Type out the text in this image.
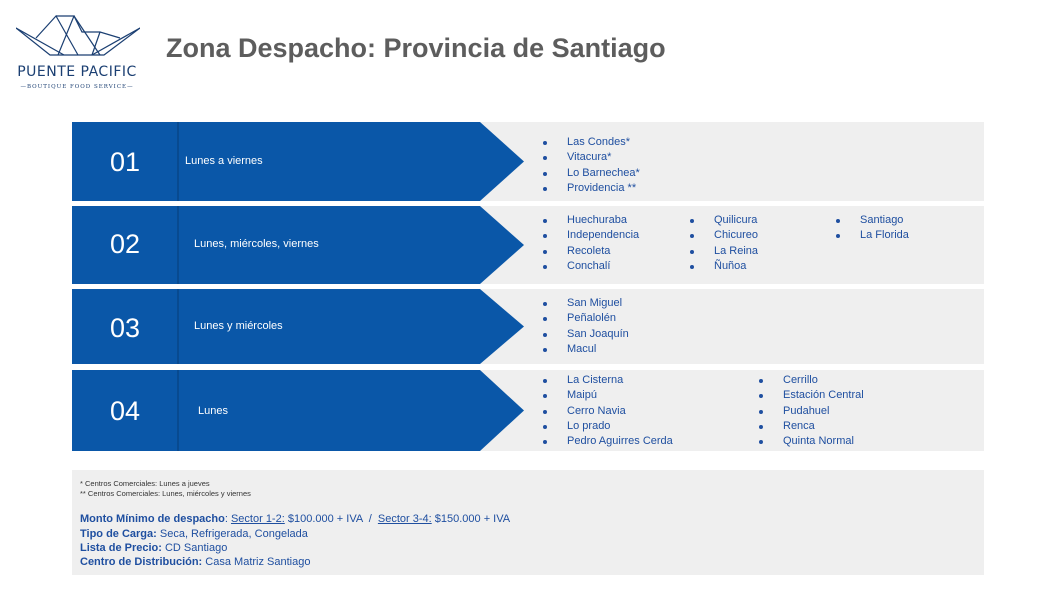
PUENTE PACIFIC
—BOUTIQUE FOOD SERVICE—
Zona Despacho: Provincia de Santiago
01	Lunes a viernes
Las Condes*
Vitacura*
Lo Barnechea*
Providencia **
02	Lunes, miércoles, viernes
Huechuraba
Independencia
Recoleta
Conchalí
Quilicura
Chicureo
La Reina
Ñuñoa
Santiago
La Florida
03	Lunes y miércoles
San Miguel
Peñalolén
San Joaquín
Macul
04	Lunes
La Cisterna
Maipú
Cerro Navia
Lo prado
Pedro Aguirres Cerda
Cerrillo
Estación Central
Pudahuel
Renca
Quinta Normal
* Centros Comerciales: Lunes a jueves
** Centros Comerciales: Lunes, miércoles y viernes
Monto Mínimo de despacho: Sector 1-2: $100.000 + IVA / Sector 3-4: $150.000 + IVA
Tipo de Carga: Seca, Refrigerada, Congelada
Lista de Precio: CD Santiago
Centro de Distribución: Casa Matriz Santiago
